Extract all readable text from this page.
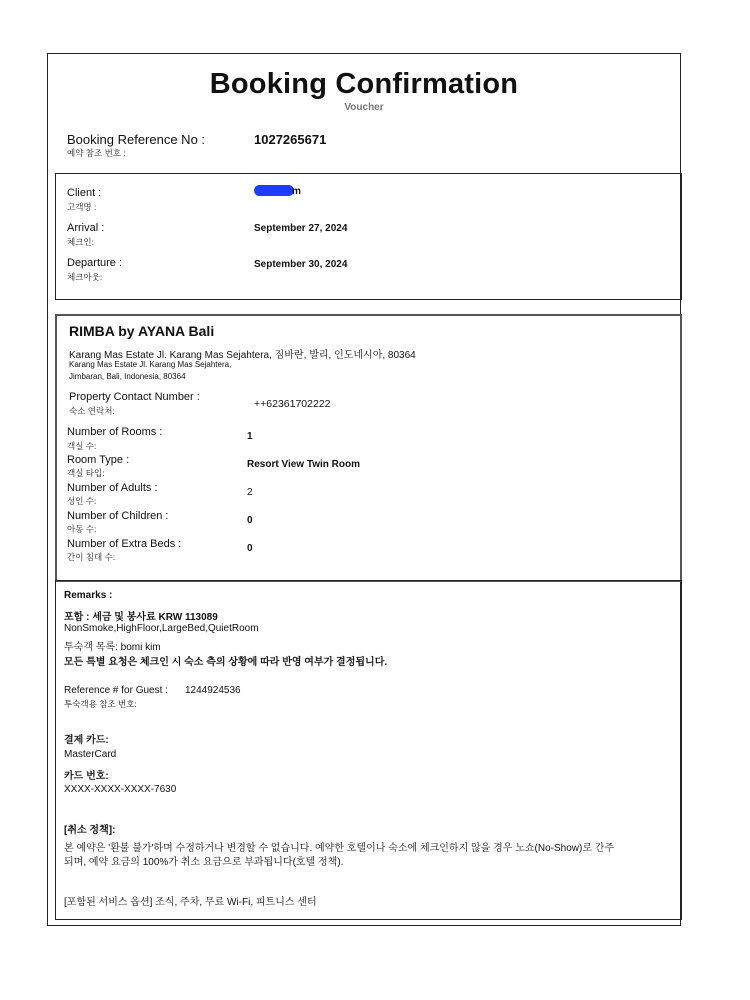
Booking Confirmation
Voucher
Booking Reference No :
예약 참조 번호 :
1027265671
Client :
고객명 :
m
Arrival :
체크인:
September 27, 2024
Departure :
체크아웃:
September 30, 2024
RIMBA by AYANA Bali
Karang Mas Estate Jl. Karang Mas Sejahtera, 짐바란, 발리, 인도네시아, 80364
Karang Mas Estate Jl. Karang Mas Sejahtera,
Jimbaran, Bali, Indonesia, 80364
Property Contact Number :
숙소 연락처:
++62361702222
Number of Rooms :
객실 수:
1
Room Type :
객실 타입:
Resort View Twin Room
Number of Adults :
성인 수:
2
Number of Children :
아동 수:
0
Number of Extra Beds :
간이 침대 수:
0
Remarks :
포함 : 세금 및 봉사료 KRW 113089
NonSmoke,HighFloor,LargeBed,QuietRoom
투숙객 목록: bomi kim
모든 특별 요청은 체크인 시 숙소 측의 상황에 따라 반영 여부가 결정됩니다.
Reference # for Guest : 1244924536
투숙객용 참조 번호:
결제 카드:
MasterCard
카드 번호:
XXXX-XXXX-XXXX-7630
[취소 정책]:
본 예약은 '환불 불가'하며 수정하거나 변경할 수 없습니다. 예약한 호텔이나 숙소에 체크인하지 않을 경우 노쇼(No-Show)로 간주
되며, 예약 요금의 100%가 취소 요금으로 부과됩니다(호텔 정책).
[포함된 서비스 옵션] 조식, 주차, 무료 Wi-Fi, 피트니스 센터
